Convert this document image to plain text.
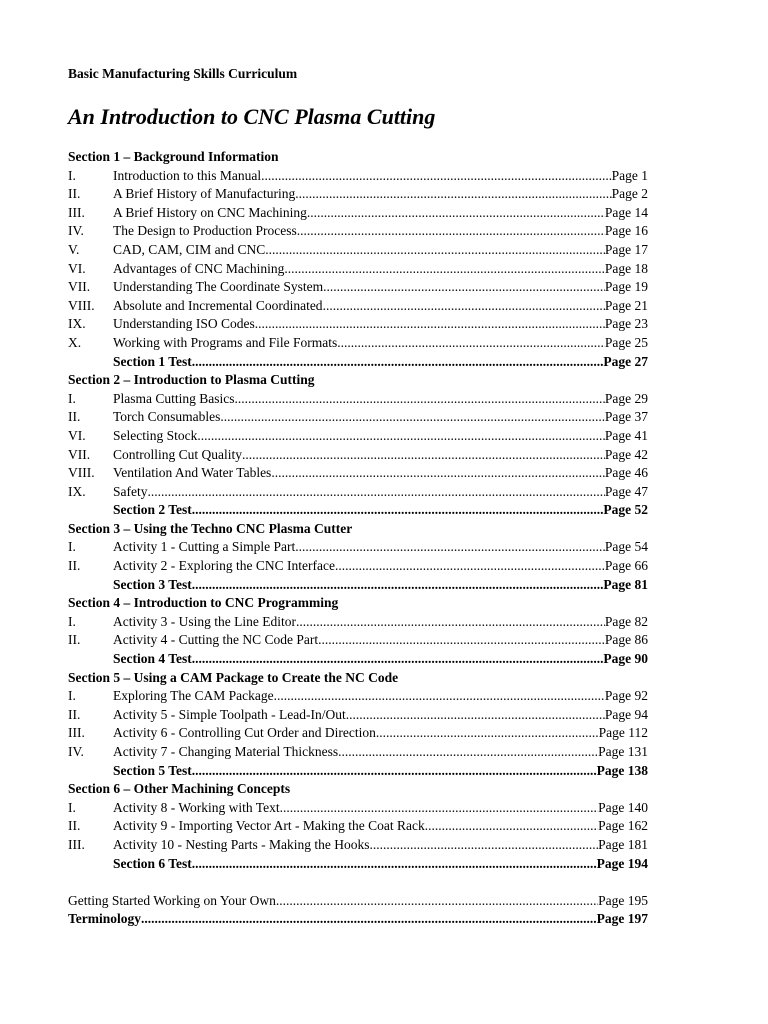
Basic Manufacturing Skills Curriculum
An Introduction to CNC Plasma Cutting
Section 1 – Background Information
I.	Introduction to this Manual .....	Page 1
II.	A Brief History of Manufacturing .....	Page 2
III.	A Brief History on CNC Machining .....	Page 14
IV.	The Design to Production Process .....	Page 16
V.	CAD, CAM, CIM and CNC .....	Page 17
VI.	Advantages of CNC Machining .....	Page 18
VII.	Understanding The Coordinate System .....	Page 19
VIII.	Absolute and Incremental Coordinated .....	Page 21
IX.	Understanding ISO Codes .....	Page 23
X.	Working with Programs and File Formats .....	Page 25
Section 1 Test .....	Page 27
Section 2 – Introduction to Plasma Cutting
I.	Plasma Cutting Basics .....	Page 29
II.	Torch Consumables .....	Page 37
VI.	Selecting Stock .....	Page 41
VII.	Controlling Cut Quality .....	Page 42
VIII.	Ventilation And Water Tables .....	Page 46
IX.	Safety .....	Page 47
Section 2 Test .....	Page 52
Section 3 – Using the Techno CNC Plasma Cutter
I.	Activity 1 - Cutting a Simple Part .....	Page 54
II.	Activity 2 - Exploring the CNC Interface .....	Page 66
Section 3 Test .....	Page 81
Section 4 – Introduction to CNC Programming
I.	Activity 3 - Using the Line Editor .....	Page 82
II.	Activity 4 - Cutting the NC Code Part .....	Page 86
Section 4 Test .....	Page 90
Section 5 – Using a CAM Package to Create the NC Code
I.	Exploring The CAM Package .....	Page 92
II.	Activity 5 - Simple Toolpath - Lead-In/Out .....	Page 94
III.	Activity 6 - Controlling Cut Order and Direction .....	Page 112
IV.	Activity 7 - Changing Material Thickness .....	Page 131
Section 5 Test .....	Page 138
Section 6 – Other Machining Concepts
I.	Activity 8 - Working with Text .....	Page 140
II.	Activity 9 - Importing Vector Art - Making the Coat Rack .....	Page 162
III.	Activity 10 - Nesting Parts - Making the Hooks .....	Page 181
Section 6 Test .....	Page 194
Getting Started Working on Your Own .....	Page 195
Terminology .....	Page 197
